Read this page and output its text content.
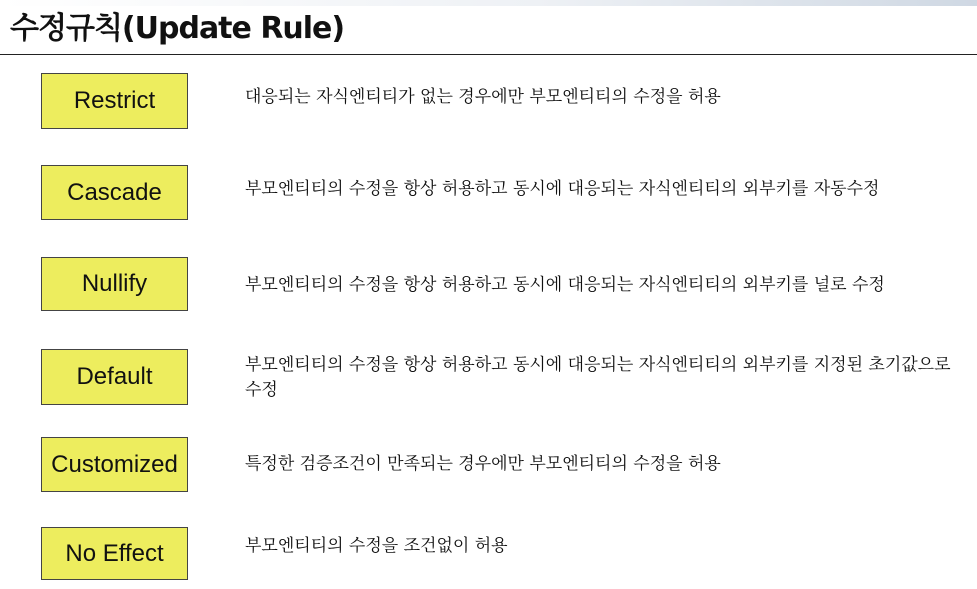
수정규칙(Update Rule)
Restrict	대응되는 자식엔티티가 없는 경우에만 부모엔티티의 수정을 허용
Cascade	부모엔티티의 수정을 항상 허용하고 동시에 대응되는 자식엔티티의 외부키를 자동수정
Nullify	부모엔티티의 수정을 항상 허용하고 동시에 대응되는 자식엔티티의 외부키를 널로 수정
Default	부모엔티티의 수정을 항상 허용하고 동시에 대응되는 자식엔티티의 외부키를 지정된 초기값으로 수정
Customized	특정한 검증조건이 만족되는 경우에만 부모엔티티의 수정을 허용
No Effect	부모엔티티의 수정을 조건없이 허용
